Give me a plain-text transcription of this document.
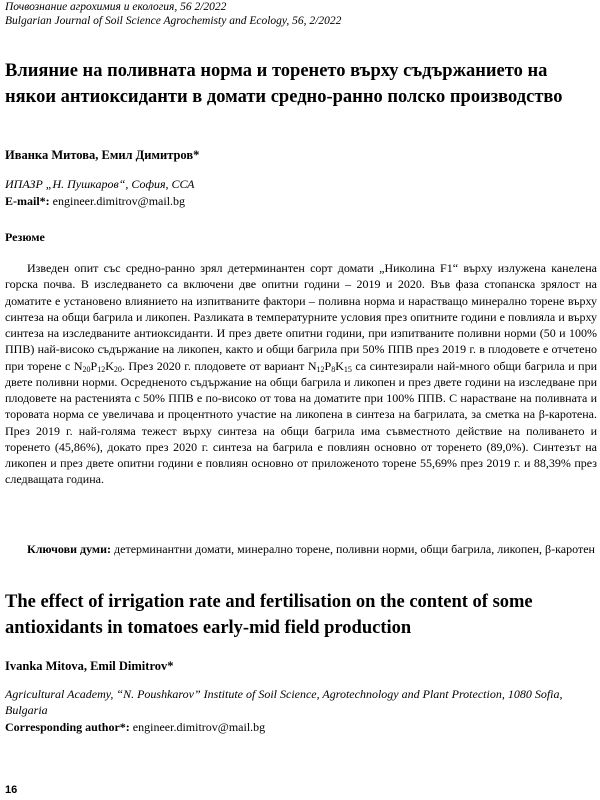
Почвознание агрохимия и екология, 56 2/2022
Bulgarian Journal of Soil Science Agrochemisty and Ecology, 56, 2/2022
Влияние на поливната норма и торенето върху съдържанието на някои антиоксиданти в домати средно-ранно полско производство
Иванка Митова, Емил Димитров*
ИПАЗР „Н. Пушкаров“, София, ССА
E-mail*: engineer.dimitrov@mail.bg
Резюме

Изведен опит със средно-ранно зрял детерминантен сорт домати „Николина F1“ върху излужена канелена горска почва. В изследването са включени две опитни години – 2019 и 2020. Във фаза стопанска зрялост на доматите е установено влиянието на изпитваните фактори – поливна норма и нарастващо минерално торене върху синтеза на общи багрила и ликопен. Разликата в температурните условия през опитните години е повлияла и върху синтеза на изследваните антиоксиданти. И през двете опитни години, при изпитваните поливни норми (50 и 100% ППВ) най-високо съдържание на ликопен, както и общи багрила при 50% ППВ през 2019 г. в плодовете е отчетено при торене с $N_{20}P_{12}K_{20}$. През 2020 г. плодовете от вариант $N_{12}P_8K_{15}$ са синтезирали най-много общи багрила и при двете поливни норми. Осредненото съдържание на общи багрила и ликопен и през двете години на изследване при плодовете на растенията с 50% ППВ е по-високо от това на доматите при 100% ППВ. С нарастване на поливната и торовата норма се увеличава и процентното участие на ликопена в синтеза на багрилата, за сметка на β-каротена. През 2019 г. най-голяма тежест върху синтеза на общи багрила има съвместното действие на поливането и торенето (45,86%), докато през 2020 г. синтеза на багрила е повлиян основно от торенето (89,0%). Синтезът на ликопен и през двете опитни години е повлиян основно от приложеното торене 55,69% през 2019 г. и 88,39% през следващата година.

Ключови думи: детерминантни домати, минерално торене, поливни норми, общи багрила, ликопен, β-каротен
The effect of irrigation rate and fertilisation on the content of some antioxidants in tomatoes early-mid field production
Ivanka Mitova, Emil Dimitrov*
Agricultural Academy, “N. Poushkarov” Institute of Soil Science, Agrotechnology and Plant Protection, 1080 Sofia, Bulgaria
Corresponding author*: engineer.dimitrov@mail.bg
16
